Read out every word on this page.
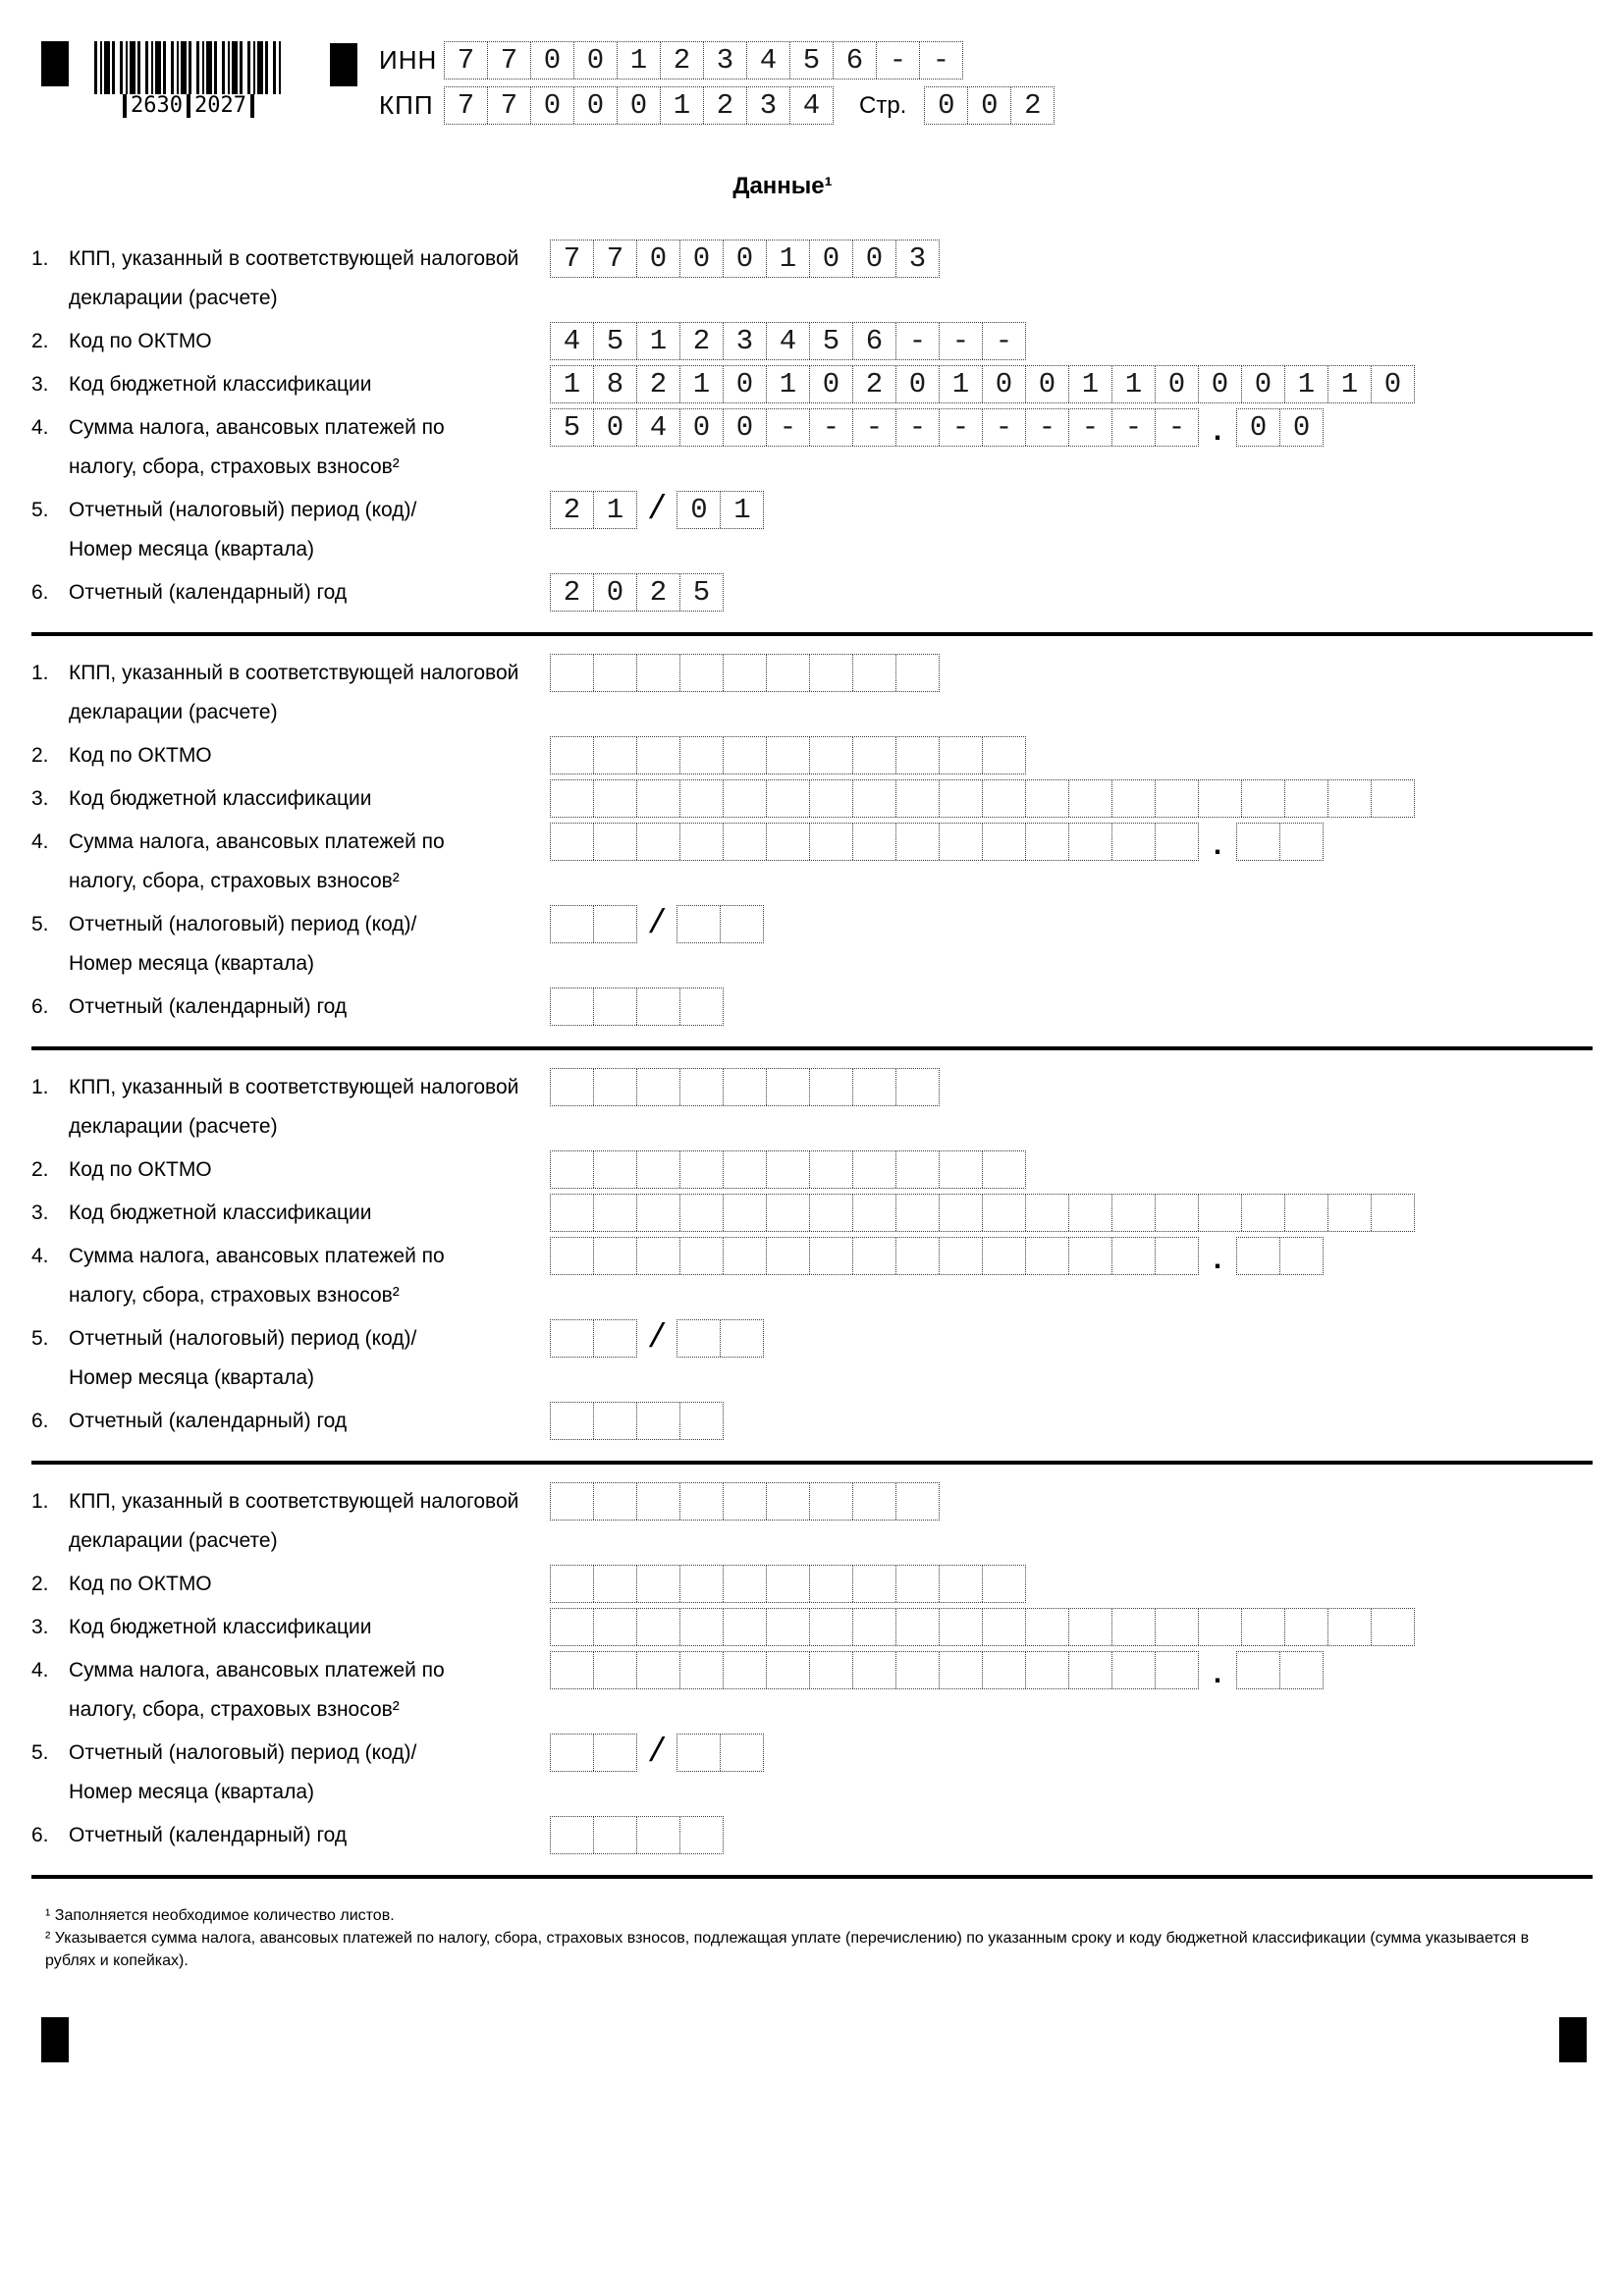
2630 2027
ИНН 7 7 0 0 1 2 3 4 5 6 - -
КПП 7 7 0 0 0 1 2 3 4	Стр.	0 0 2
Данные¹
1. КПП, указанный в соответствующей налоговой
декларации (расчете)
7 7 0 0 0 1 0 0 3
2. Код по ОКТМО	4 5 1 2 3 4 5 6 - - -
3. Код бюджетной классификации	1 8 2 1 0 1 0 2 0 1 0 0 1 1 0 0 0 1 1 0
4. Сумма налога, авансовых платежей по
налогу, сбора, страховых взносов²
5 0 4 0 0 - - - - - - - - - - . 0 0
5. Отчетный (налоговый) период (код)/
Номер месяца (квартала)
2 1 / 0 1
6. Отчетный (календарный) год	2 0 2 5
1. КПП, указанный в соответствующей налоговой
декларации (расчете)
2. Код по ОКТМО
3. Код бюджетной классификации
4. Сумма налога, авансовых платежей по
налогу, сбора, страховых взносов²
.
5. Отчетный (налоговый) период (код)/
Номер месяца (квартала)
/
6. Отчетный (календарный) год
1. КПП, указанный в соответствующей налоговой
декларации (расчете)
2. Код по ОКТМО
3. Код бюджетной классификации
4. Сумма налога, авансовых платежей по
налогу, сбора, страховых взносов²
.
5. Отчетный (налоговый) период (код)/
Номер месяца (квартала)
/
6. Отчетный (календарный) год
1. КПП, указанный в соответствующей налоговой
декларации (расчете)
2. Код по ОКТМО
3. Код бюджетной классификации
4. Сумма налога, авансовых платежей по
налогу, сбора, страховых взносов²
.
5. Отчетный (налоговый) период (код)/
Номер месяца (квартала)
/
6. Отчетный (календарный) год
¹ Заполняется необходимое количество листов.
² Указывается сумма налога, авансовых платежей по налогу, сбора, страховых взносов, подлежащая уплате (перечислению) по указанным сроку и коду бюджетной классификации (сумма указывается в рублях и копейках).
